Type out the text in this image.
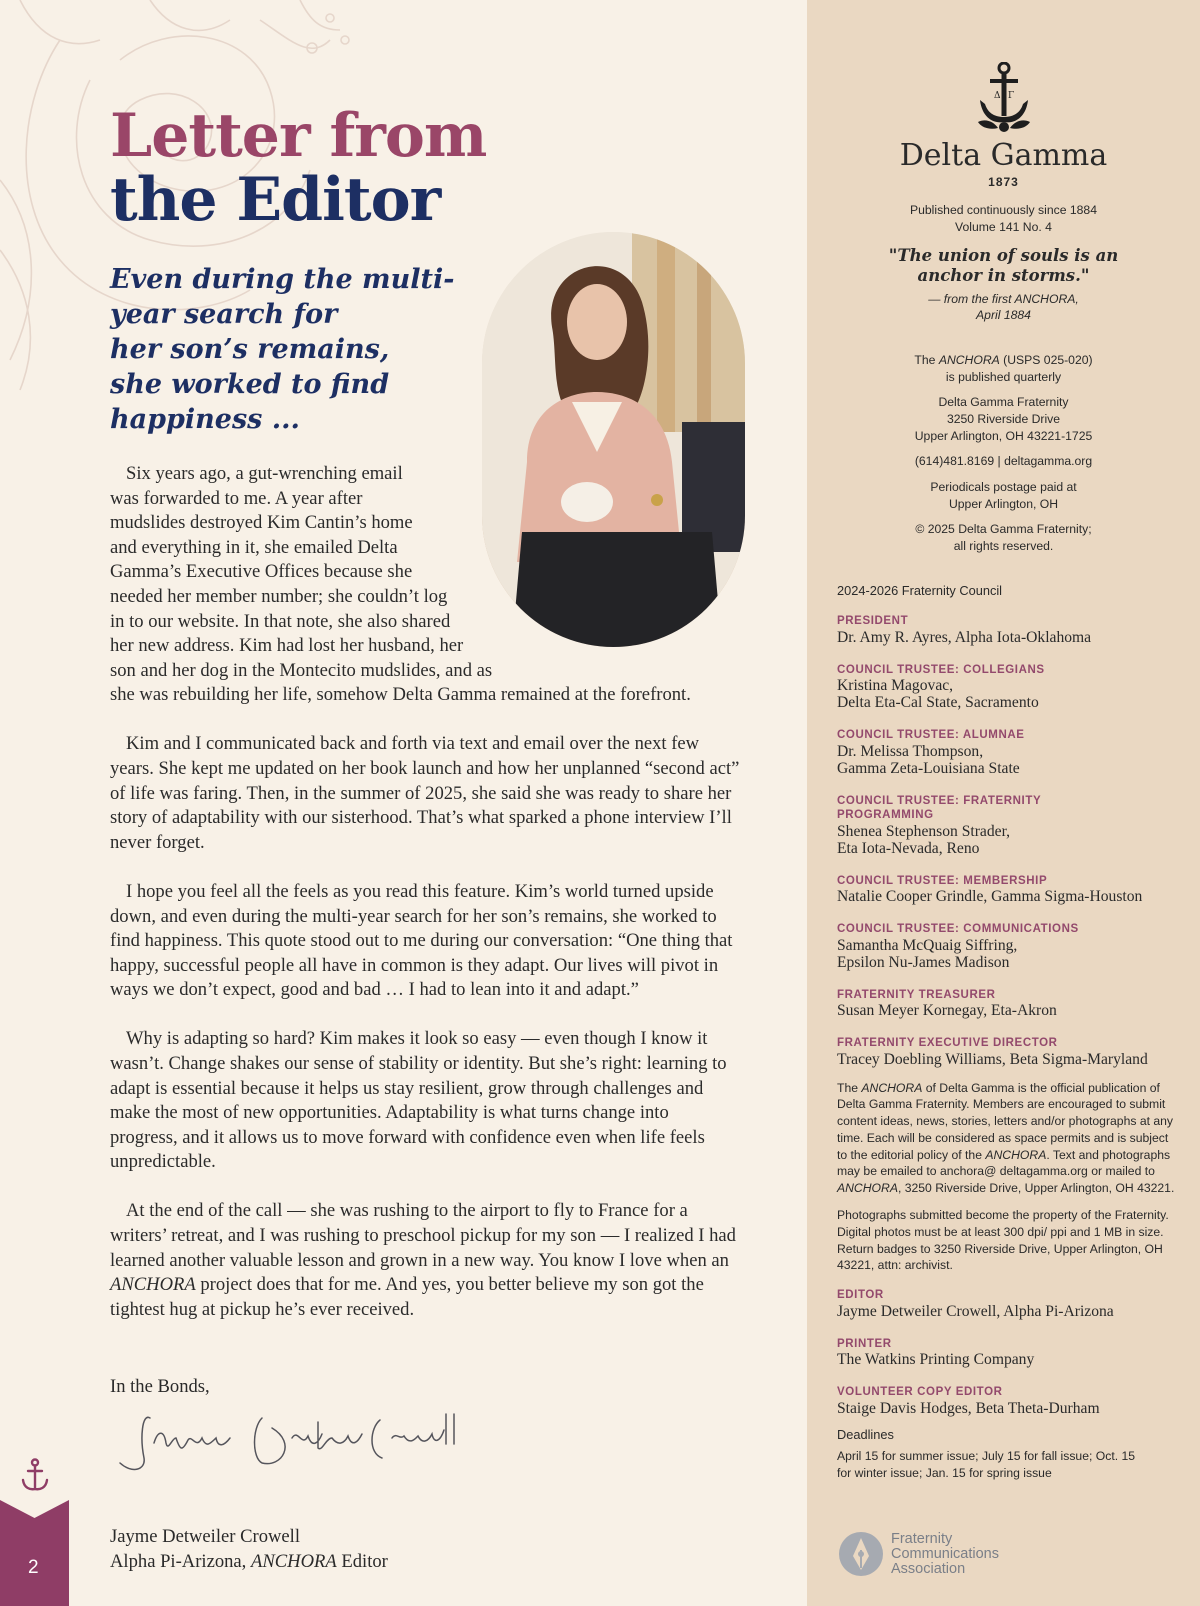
Letter from
the Editor
Even during the multi-
year search for
her son’s remains,
she worked to find
happiness ...
Six years ago, a gut-wrenching email
was forwarded to me. A year after
mudslides destroyed Kim Cantin’s home
and everything in it, she emailed Delta
Gamma’s Executive Offices because she
needed her member number; she couldn’t log
in to our website. In that note, she also shared
her new address. Kim had lost her husband, her
son and her dog in the Montecito mudslides, and as
she was rebuilding her life, somehow Delta Gamma remained at the forefront.

Kim and I communicated back and forth via text and email over the next few years. She kept me updated on her book launch and how her unplanned “second act” of life was faring. Then, in the summer of 2025, she said she was ready to share her story of adaptability with our sisterhood. That’s what sparked a phone interview I’ll never forget.

I hope you feel all the feels as you read this feature. Kim’s world turned upside down, and even during the multi-year search for her son’s remains, she worked to find happiness. This quote stood out to me during our conversation: “One thing that happy, successful people all have in common is they adapt. Our lives will pivot in ways we don’t expect, good and bad … I had to lean into it and adapt.”

Why is adapting so hard? Kim makes it look so easy — even though I know it wasn’t. Change shakes our sense of stability or identity. But she’s right: learning to adapt is essential because it helps us stay resilient, grow through challenges and make the most of new opportunities. Adaptability is what turns change into progress, and it allows us to move forward with confidence even when life feels unpredictable.

At the end of the call — she was rushing to the airport to fly to France for a writers’ retreat, and I was rushing to preschool pickup for my son — I realized I had learned another valuable lesson and grown in a new way. You know I love when an ANCHORA project does that for me. And yes, you better believe my son got the tightest hug at pickup he’s ever received.

In the Bonds,
Jayme Detweiler Crowell
Alpha Pi-Arizona, ANCHORA Editor
2
Δ Γ
Delta Gamma
1873
Published continuously since 1884
Volume 141 No. 4
"The union of souls is an
anchor in storms."
— from the first ANCHORA,
April 1884
The ANCHORA (USPS 025-020)
is published quarterly
Delta Gamma Fraternity
3250 Riverside Drive
Upper Arlington, OH 43221-1725
(614)481.8169 | deltagamma.org
Periodicals postage paid at
Upper Arlington, OH
© 2025 Delta Gamma Fraternity;
all rights reserved.
2024-2026 Fraternity Council
PRESIDENT
Dr. Amy R. Ayres, Alpha Iota-Oklahoma
COUNCIL TRUSTEE: COLLEGIANS
Kristina Magovac,
Delta Eta-Cal State, Sacramento
COUNCIL TRUSTEE: ALUMNAE
Dr. Melissa Thompson,
Gamma Zeta-Louisiana State
COUNCIL TRUSTEE: FRATERNITY PROGRAMMING
Shenea Stephenson Strader,
Eta Iota-Nevada, Reno
COUNCIL TRUSTEE: MEMBERSHIP
Natalie Cooper Grindle, Gamma Sigma-Houston
COUNCIL TRUSTEE: COMMUNICATIONS
Samantha McQuaig Siffring,
Epsilon Nu-James Madison
FRATERNITY TREASURER
Susan Meyer Kornegay, Eta-Akron
FRATERNITY EXECUTIVE DIRECTOR
Tracey Doebling Williams, Beta Sigma-Maryland
The ANCHORA of Delta Gamma is the official publication of Delta Gamma Fraternity. Members are encouraged to submit content ideas, news, stories, letters and/or photographs at any time. Each will be considered as space permits and is subject to the editorial policy of the ANCHORA. Text and photographs may be emailed to anchora@ deltagamma.org or mailed to ANCHORA, 3250 Riverside Drive, Upper Arlington, OH 43221.
Photographs submitted become the property of the Fraternity. Digital photos must be at least 300 dpi/ ppi and 1 MB in size. Return badges to 3250 Riverside Drive, Upper Arlington, OH 43221, attn: archivist.
EDITOR
Jayme Detweiler Crowell, Alpha Pi-Arizona
PRINTER
The Watkins Printing Company
VOLUNTEER COPY EDITOR
Staige Davis Hodges, Beta Theta-Durham
Deadlines
April 15 for summer issue; July 15 for fall issue; Oct. 15 for winter issue; Jan. 15 for spring issue
Fraternity
Communications
Association
